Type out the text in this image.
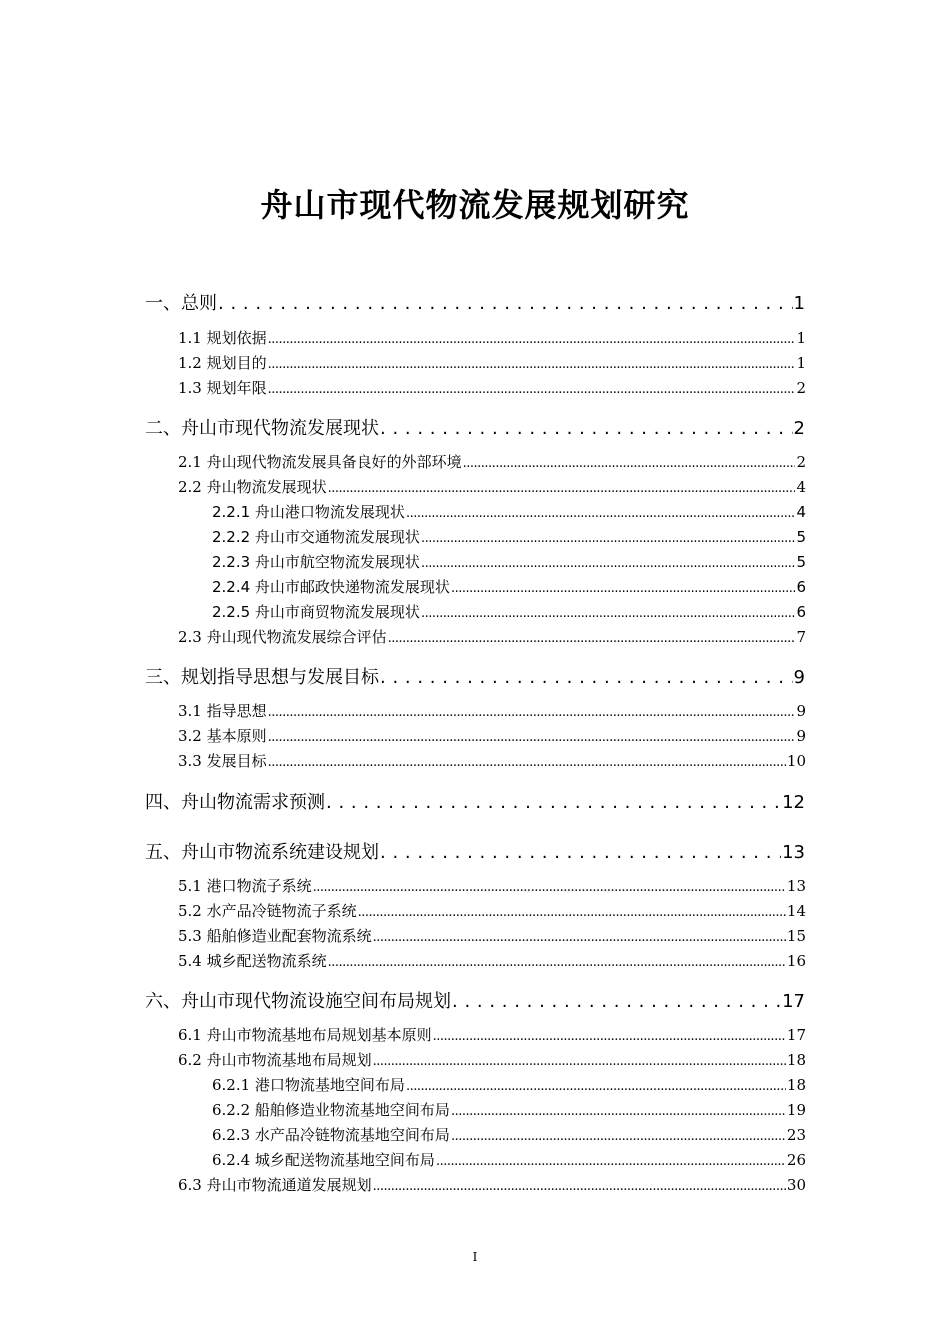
舟山市现代物流发展规划研究
一、总则 . . .	1
1.1 规划依据 .....	1
1.2 规划目的 .....	1
1.3 规划年限 .....	2
二、舟山市现代物流发展现状 . . .	2
2.1 舟山现代物流发展具备良好的外部环境 .....	2
2.2 舟山物流发展现状 .....	4
2.2.1 舟山港口物流发展现状 .....	4
2.2.2 舟山市交通物流发展现状 .....	5
2.2.3 舟山市航空物流发展现状 .....	5
2.2.4 舟山市邮政快递物流发展现状 .....	6
2.2.5 舟山市商贸物流发展现状 .....	6
2.3 舟山现代物流发展综合评估 .....	7
三、规划指导思想与发展目标 . . .	9
3.1 指导思想 .....	9
3.2 基本原则 .....	9
3.3 发展目标 .....	10
四、舟山物流需求预测 . . .	12
五、舟山市物流系统建设规划 . . .	13
5.1 港口物流子系统 .....	13
5.2 水产品冷链物流子系统 .....	14
5.3 船舶修造业配套物流系统 .....	15
5.4 城乡配送物流系统 .....	16
六、舟山市现代物流设施空间布局规划 . . .	17
6.1 舟山市物流基地布局规划基本原则 .....	17
6.2 舟山市物流基地布局规划 .....	18
6.2.1 港口物流基地空间布局 .....	18
6.2.2 船舶修造业物流基地空间布局 .....	19
6.2.3 水产品冷链物流基地空间布局 .....	23
6.2.4 城乡配送物流基地空间布局 .....	26
6.3 舟山市物流通道发展规划 .....	30
I
